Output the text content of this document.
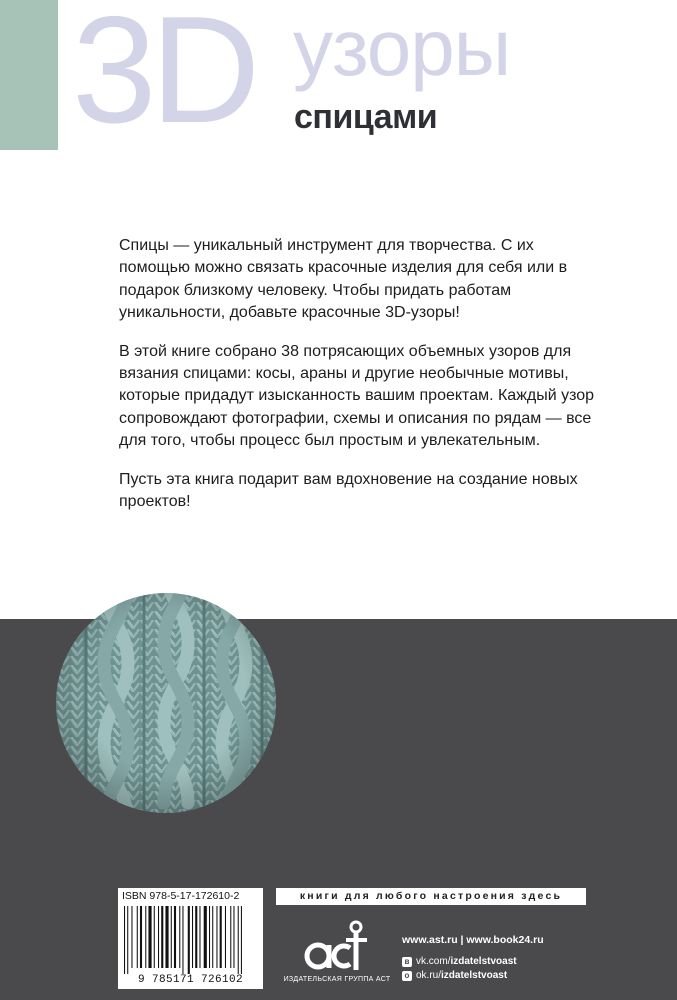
3D узоры
спицами

Спицы — уникальный инструмент для творчества. С их помощью можно связать красочные изделия для себя или в подарок близкому человеку. Чтобы придать работам уникальности, добавьте красочные 3D-узоры!

В этой книге собрано 38 потрясающих объемных узоров для вязания спицами: косы, араны и другие необычные мотивы, которые придадут изысканность вашим проектам. Каждый узор сопровождают фотографии, схемы и описания по рядам — все для того, чтобы процесс был простым и увлекательным.

Пусть эта книга подарит вам вдохновение на создание новых проектов!

ISBN 978-5-17-172610-2
9 785171 726102
книги для любого настроения здесь
ИЗДАТЕЛЬСКАЯ ГРУППА АСТ
www.ast.ru | www.book24.ru
в vk.com/izdatelstvoast
о ok.ru/izdatelstvoast
